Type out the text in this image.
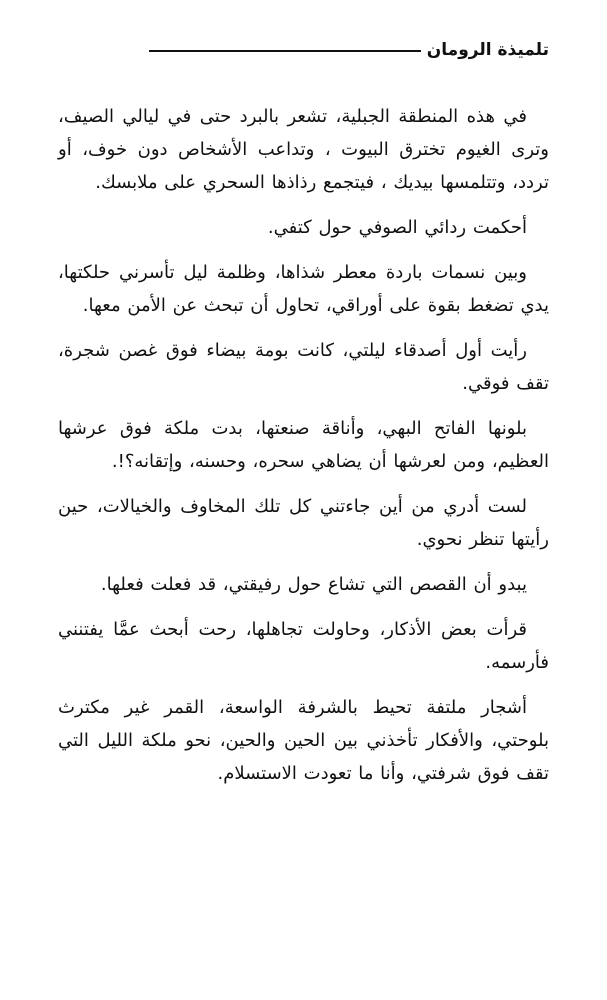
تلميذة الرومان

في هذه المنطقة الجبلية، تشعر بالبرد حتى في ليالي الصيف، وترى الغيوم تخترق البيوت ، وتداعب الأشخاص دون خوف، أو تردد، وتتلمسها بيديك ، فيتجمع رذاذها السحري على ملابسك.

أحكمت ردائي الصوفي حول كتفي.

وبين نسمات باردة معطر شذاها، وظلمة ليل تأسرني حلكتها، يدي تضغط بقوة على أوراقي، تحاول أن تبحث عن الأمن معها.

رأيت أول أصدقاء ليلتي، كانت بومة بيضاء فوق غصن شجرة، تقف فوقي.

بلونها الفاتح البهي، وأناقة صنعتها، بدت ملكة فوق عرشها العظيم، ومن لعرشها أن يضاهي سحره، وحسنه، وإتقانه؟!.

لست أدري من أين جاءتني كل تلك المخاوف والخيالات، حين رأيتها تنظر نحوي.

يبدو أن القصص التي تشاع حول رفيقتي، قد فعلت فعلها.

قرأت بعض الأذكار، وحاولت تجاهلها، رحت أبحث عمَّا يفتنني فأرسمه.

أشجار ملتفة تحيط بالشرفة الواسعة، القمر غير مكترث بلوحتي، والأفكار تأخذني بين الحين والحين، نحو ملكة الليل التي تقف فوق شرفتي، وأنا ما تعودت الاستسلام.
